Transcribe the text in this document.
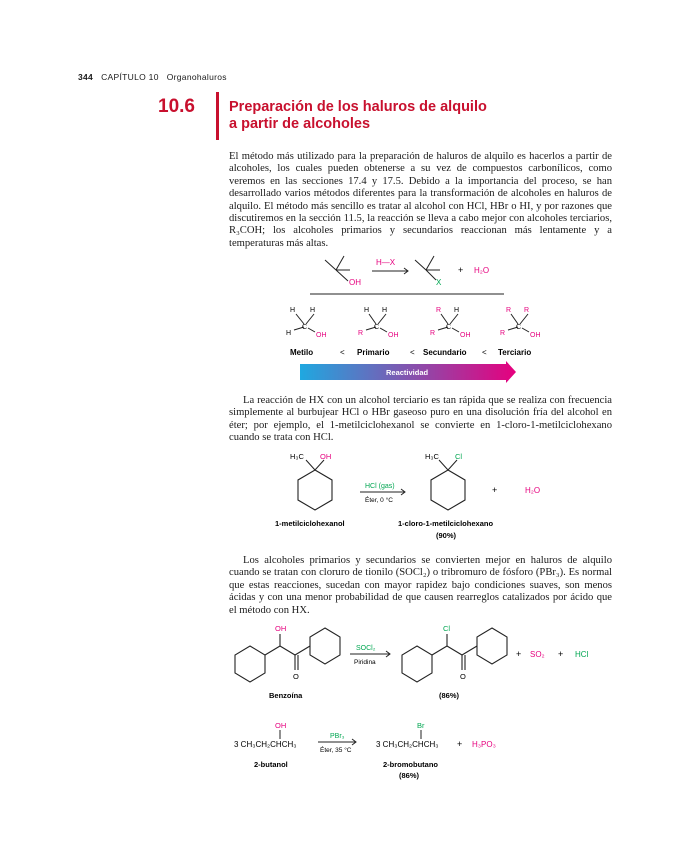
344 CAPÍTULO 10 Organohaluros
10.6 Preparación de los haluros de alquilo
a partir de alcoholes
El método más utilizado para la preparación de haluros de alquilo es hacerlos a partir de alcoholes, los cuales pueden obtenerse a su vez de compuestos carbonílicos, como veremos en las secciones 17.4 y 17.5. Debido a la importancia del proceso, se han desarrollado varios métodos diferentes para la transformación de alcoholes en haluros de alquilo. El método más sencillo es tratar al alcohol con HCl, HBr o HI, y por razones que discutiremos en la sección 11.5, la reacción se lleva a cabo mejor con alcoholes terciarios, R₃COH; los alcoholes primarios y secundarios reaccionan más lentamente y a temperaturas más altas.
OH
H—X
X
+ H₂O
H H
C
H	OH
H H
C
R	OH
R H
C
R	OH
R R
C
R	OH
Metilo	< Primario	< Secundario < Terciario
Reactividad
La reacción de HX con un alcohol terciario es tan rápida que se realiza con frecuencia simplemente al burbujear HCl o HBr gaseoso puro en una disolución fría del alcohol en éter; por ejemplo, el 1-metilciclohexanol se convierte en 1-cloro-1-metilciclohexano cuando se trata con HCl.
H₃C OH
HCl (gas)
Éter, 0 °C
H₃C Cl
+	H₂O
1-metilciclohexanol	1-cloro-1-metilciclohexano
(90%)
Los alcoholes primarios y secundarios se convierten mejor en haluros de alquilo cuando se tratan con cloruro de tionilo (SOCl₂) o tribromuro de fósforo (PBr₃). Es normal que estas reacciones, sucedan con mayor rapidez bajo condiciones suaves, son menos ácidas y con una menor probabilidad de que causen rearreglos catalizados por ácido que el método con HX.
OH
O
SOCl₂
Piridina
Cl
O
+ SO₂ + HCl
Benzoína	(86%)
OH
3 CH₃CH₂CHCH₃
PBr₃
Éter, 35 °C
Br
3 CH₃CH₂CHCH₃ + H₃PO₃
2-butanol	2-bromobutano
(86%)
